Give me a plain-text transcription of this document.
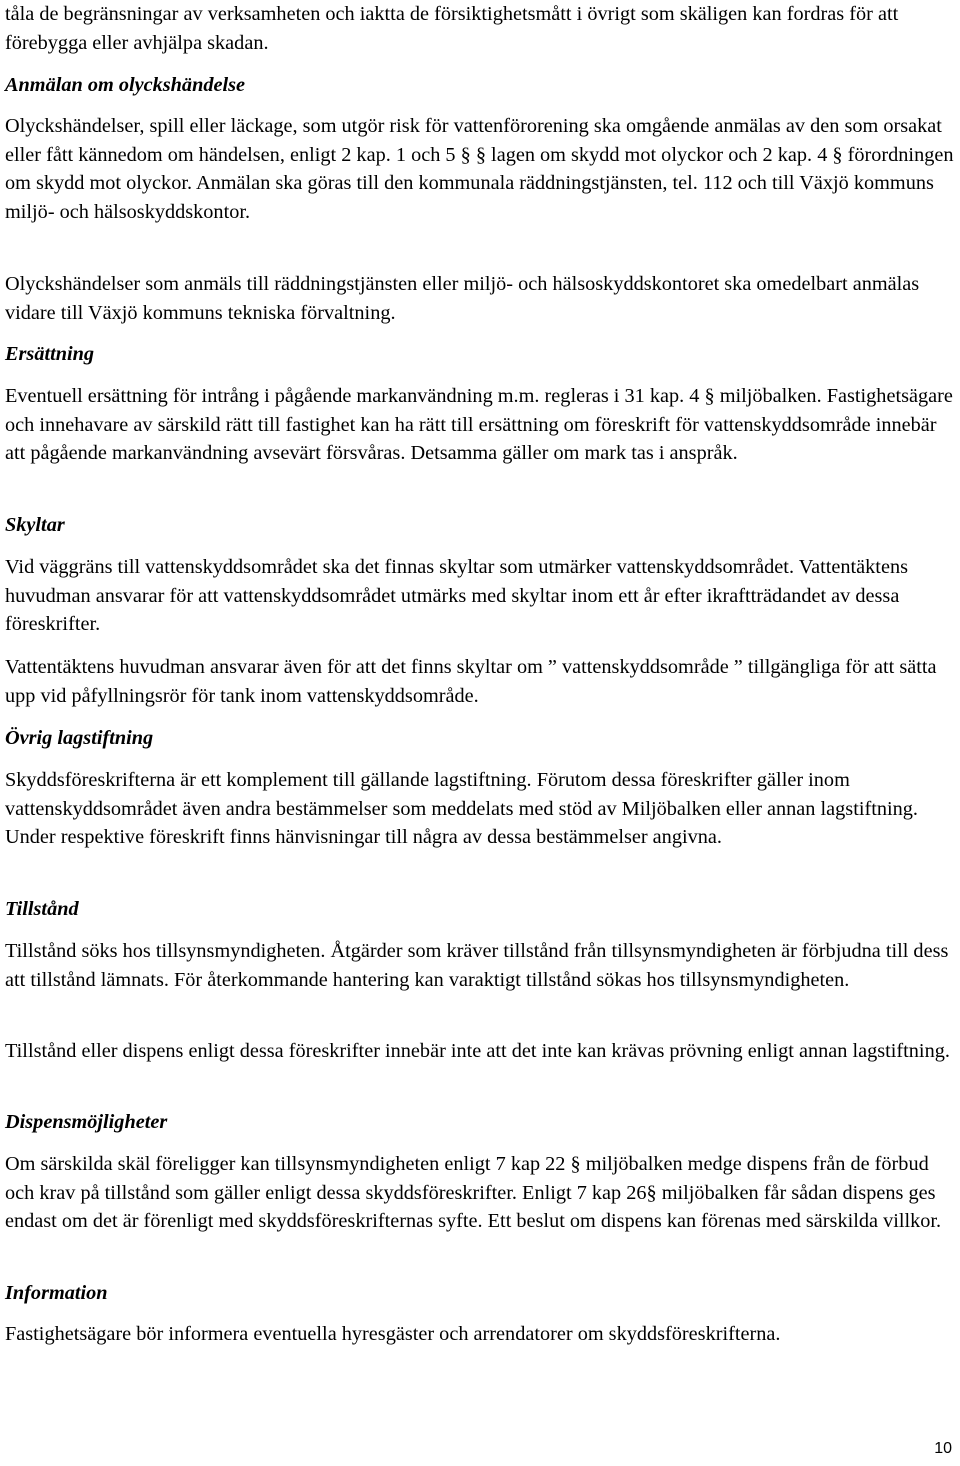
tåla de begränsningar av verksamheten och iaktta de försiktighetsmått i övrigt som skäligen kan fordras för att förebygga eller avhjälpa skadan.

Anmälan om olyckshändelse

Olyckshändelser, spill eller läckage, som utgör risk för vattenförorening ska omgående anmälas av den som orsakat eller fått kännedom om händelsen, enligt 2 kap. 1 och 5 § § lagen om skydd mot olyckor och 2 kap. 4 § förordningen om skydd mot olyckor. Anmälan ska göras till den kommunala räddningstjänsten, tel. 112 och till Växjö kommuns miljö- och hälsoskyddskontor.

Olyckshändelser som anmäls till räddningstjänsten eller miljö- och hälsoskyddskontoret ska omedelbart anmälas vidare till Växjö kommuns tekniska förvaltning.

Ersättning

Eventuell ersättning för intrång i pågående markanvändning m.m. regleras i 31 kap. 4 § miljöbalken. Fastighetsägare och innehavare av särskild rätt till fastighet kan ha rätt till ersättning om föreskrift för vattenskyddsområde innebär att pågående markanvändning avsevärt försvåras. Detsamma gäller om mark tas i anspråk.

Skyltar

Vid väggräns till vattenskyddsområdet ska det finnas skyltar som utmärker vattenskyddsområdet. Vattentäktens huvudman ansvarar för att vattenskyddsområdet utmärks med skyltar inom ett år efter ikraftträdandet av dessa föreskrifter.

Vattentäktens huvudman ansvarar även för att det finns skyltar om ” vattenskyddsområde ” tillgängliga för att sätta upp vid påfyllningsrör för tank inom vattenskyddsområde.

Övrig lagstiftning

Skyddsföreskrifterna är ett komplement till gällande lagstiftning. Förutom dessa föreskrifter gäller inom vattenskyddsområdet även andra bestämmelser som meddelats med stöd av Miljöbalken eller annan lagstiftning. Under respektive föreskrift finns hänvisningar till några av dessa bestämmelser angivna.

Tillstånd

Tillstånd söks hos tillsynsmyndigheten. Åtgärder som kräver tillstånd från tillsynsmyndigheten är förbjudna till dess att tillstånd lämnats. För återkommande hantering kan varaktigt tillstånd sökas hos tillsynsmyndigheten.

Tillstånd eller dispens enligt dessa föreskrifter innebär inte att det inte kan krävas prövning enligt annan lagstiftning.

Dispensmöjligheter

Om särskilda skäl föreligger kan tillsynsmyndigheten enligt 7 kap 22 § miljöbalken medge dispens från de förbud och krav på tillstånd som gäller enligt dessa skyddsföreskrifter. Enligt 7 kap 26§ miljöbalken får sådan dispens ges endast om det är förenligt med skyddsföreskrifternas syfte. Ett beslut om dispens kan förenas med särskilda villkor.

Information

Fastighetsägare bör informera eventuella hyresgäster och arrendatorer om skyddsföreskrifterna.

10
